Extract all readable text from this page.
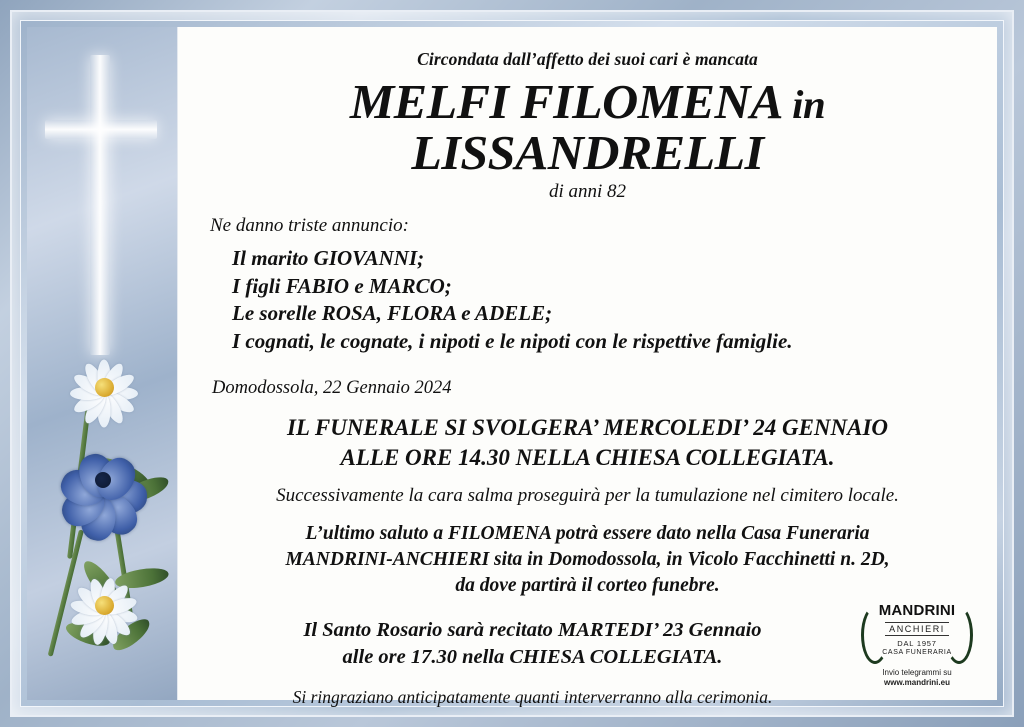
Circondata dall’affetto dei suoi cari è mancata
MELFI FILOMENA in LISSANDRELLI
di anni 82
Ne danno triste annuncio:
Il marito GIOVANNI;
I figli FABIO e MARCO;
Le sorelle ROSA, FLORA e ADELE;
I cognati, le cognate, i nipoti e le nipoti con le rispettive famiglie.
Domodossola, 22 Gennaio 2024
IL FUNERALE SI SVOLGERA’ MERCOLEDI’ 24 GENNAIO
ALLE ORE 14.30 NELLA CHIESA COLLEGIATA.
Successivamente la cara salma proseguirà per la tumulazione nel cimitero locale.
L’ultimo saluto a FILOMENA potrà essere dato nella Casa Funeraria
MANDRINI-ANCHIERI sita in Domodossola, in Vicolo Facchinetti n. 2D,
da dove partirà il corteo funebre.
Il Santo Rosario sarà recitato MARTEDI’ 23 Gennaio
alle ore 17.30 nella CHIESA COLLEGIATA.
Si ringraziano anticipatamente quanti interverranno alla cerimonia.
MANDRINI
ANCHIERI
DAL 1957
CASA FUNERARIA
Invio telegrammi su
www.mandrini.eu
